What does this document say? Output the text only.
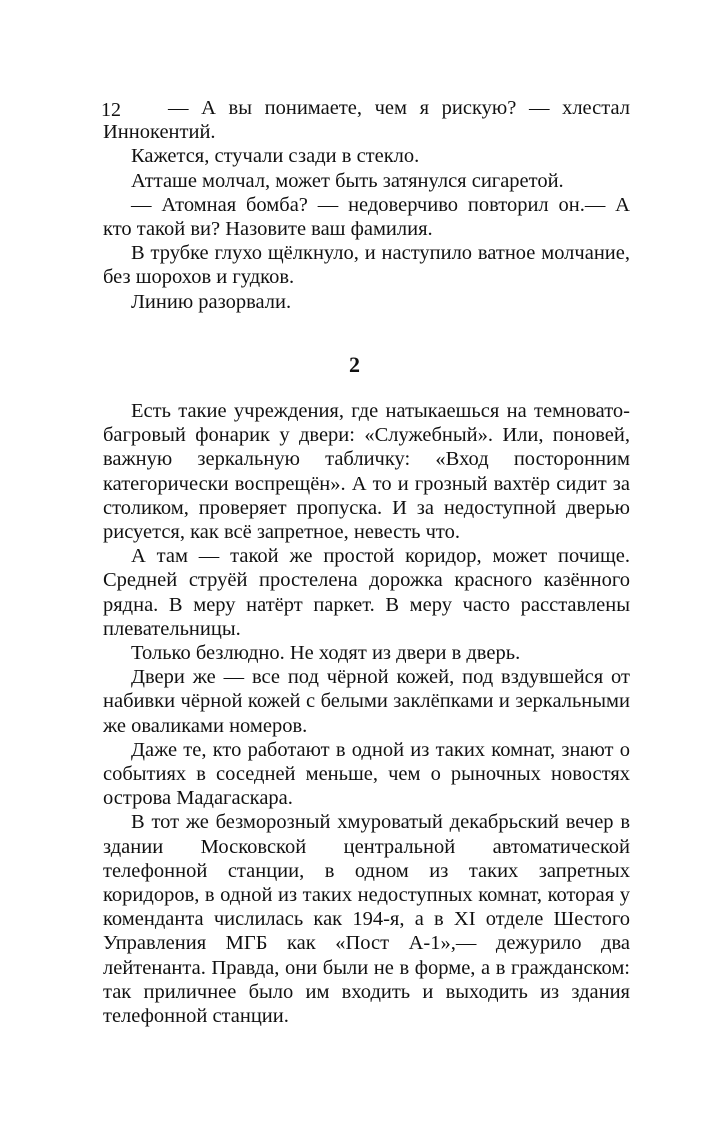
12	— А вы понимаете, чем я рискую? — хлестал Иннокентий.

Кажется, стучали сзади в стекло.

Атташе молчал, может быть затянулся сигаретой.

— Атомная бомба? — недоверчиво повторил он.— А кто такой ви? Назовите ваш фамилия.

В трубке глухо щёлкнуло, и наступило ватное молчание, без шорохов и гудков.

Линию разорвали.

2

Есть такие учреждения, где натыкаешься на темновато-багровый фонарик у двери: «Служебный». Или, поновей, важную зеркальную табличку: «Вход посторонним категорически воспрещён». А то и грозный вахтёр сидит за столиком, проверяет пропуска. И за недоступной дверью рисуется, как всё запретное, невесть что.

А там — такой же простой коридор, может почище. Средней струёй простелена дорожка красного казённого рядна. В меру натёрт паркет. В меру часто расставлены плевательницы.

Только безлюдно. Не ходят из двери в дверь.

Двери же — все под чёрной кожей, под вздувшейся от набивки чёрной кожей с белыми заклёпками и зеркальными же оваликами номеров.

Даже те, кто работают в одной из таких комнат, знают о событиях в соседней меньше, чем о рыночных новостях острова Мадагаскара.

В тот же безморозный хмуроватый декабрьский вечер в здании Московской центральной автоматической телефонной станции, в одном из таких запретных коридоров, в одной из таких недоступных комнат, которая у коменданта числилась как 194-я, а в XI отделе Шестого Управления МГБ как «Пост А-1»,— дежурило два лейтенанта. Правда, они были не в форме, а в гражданском: так приличнее было им входить и выходить из здания телефонной станции.
